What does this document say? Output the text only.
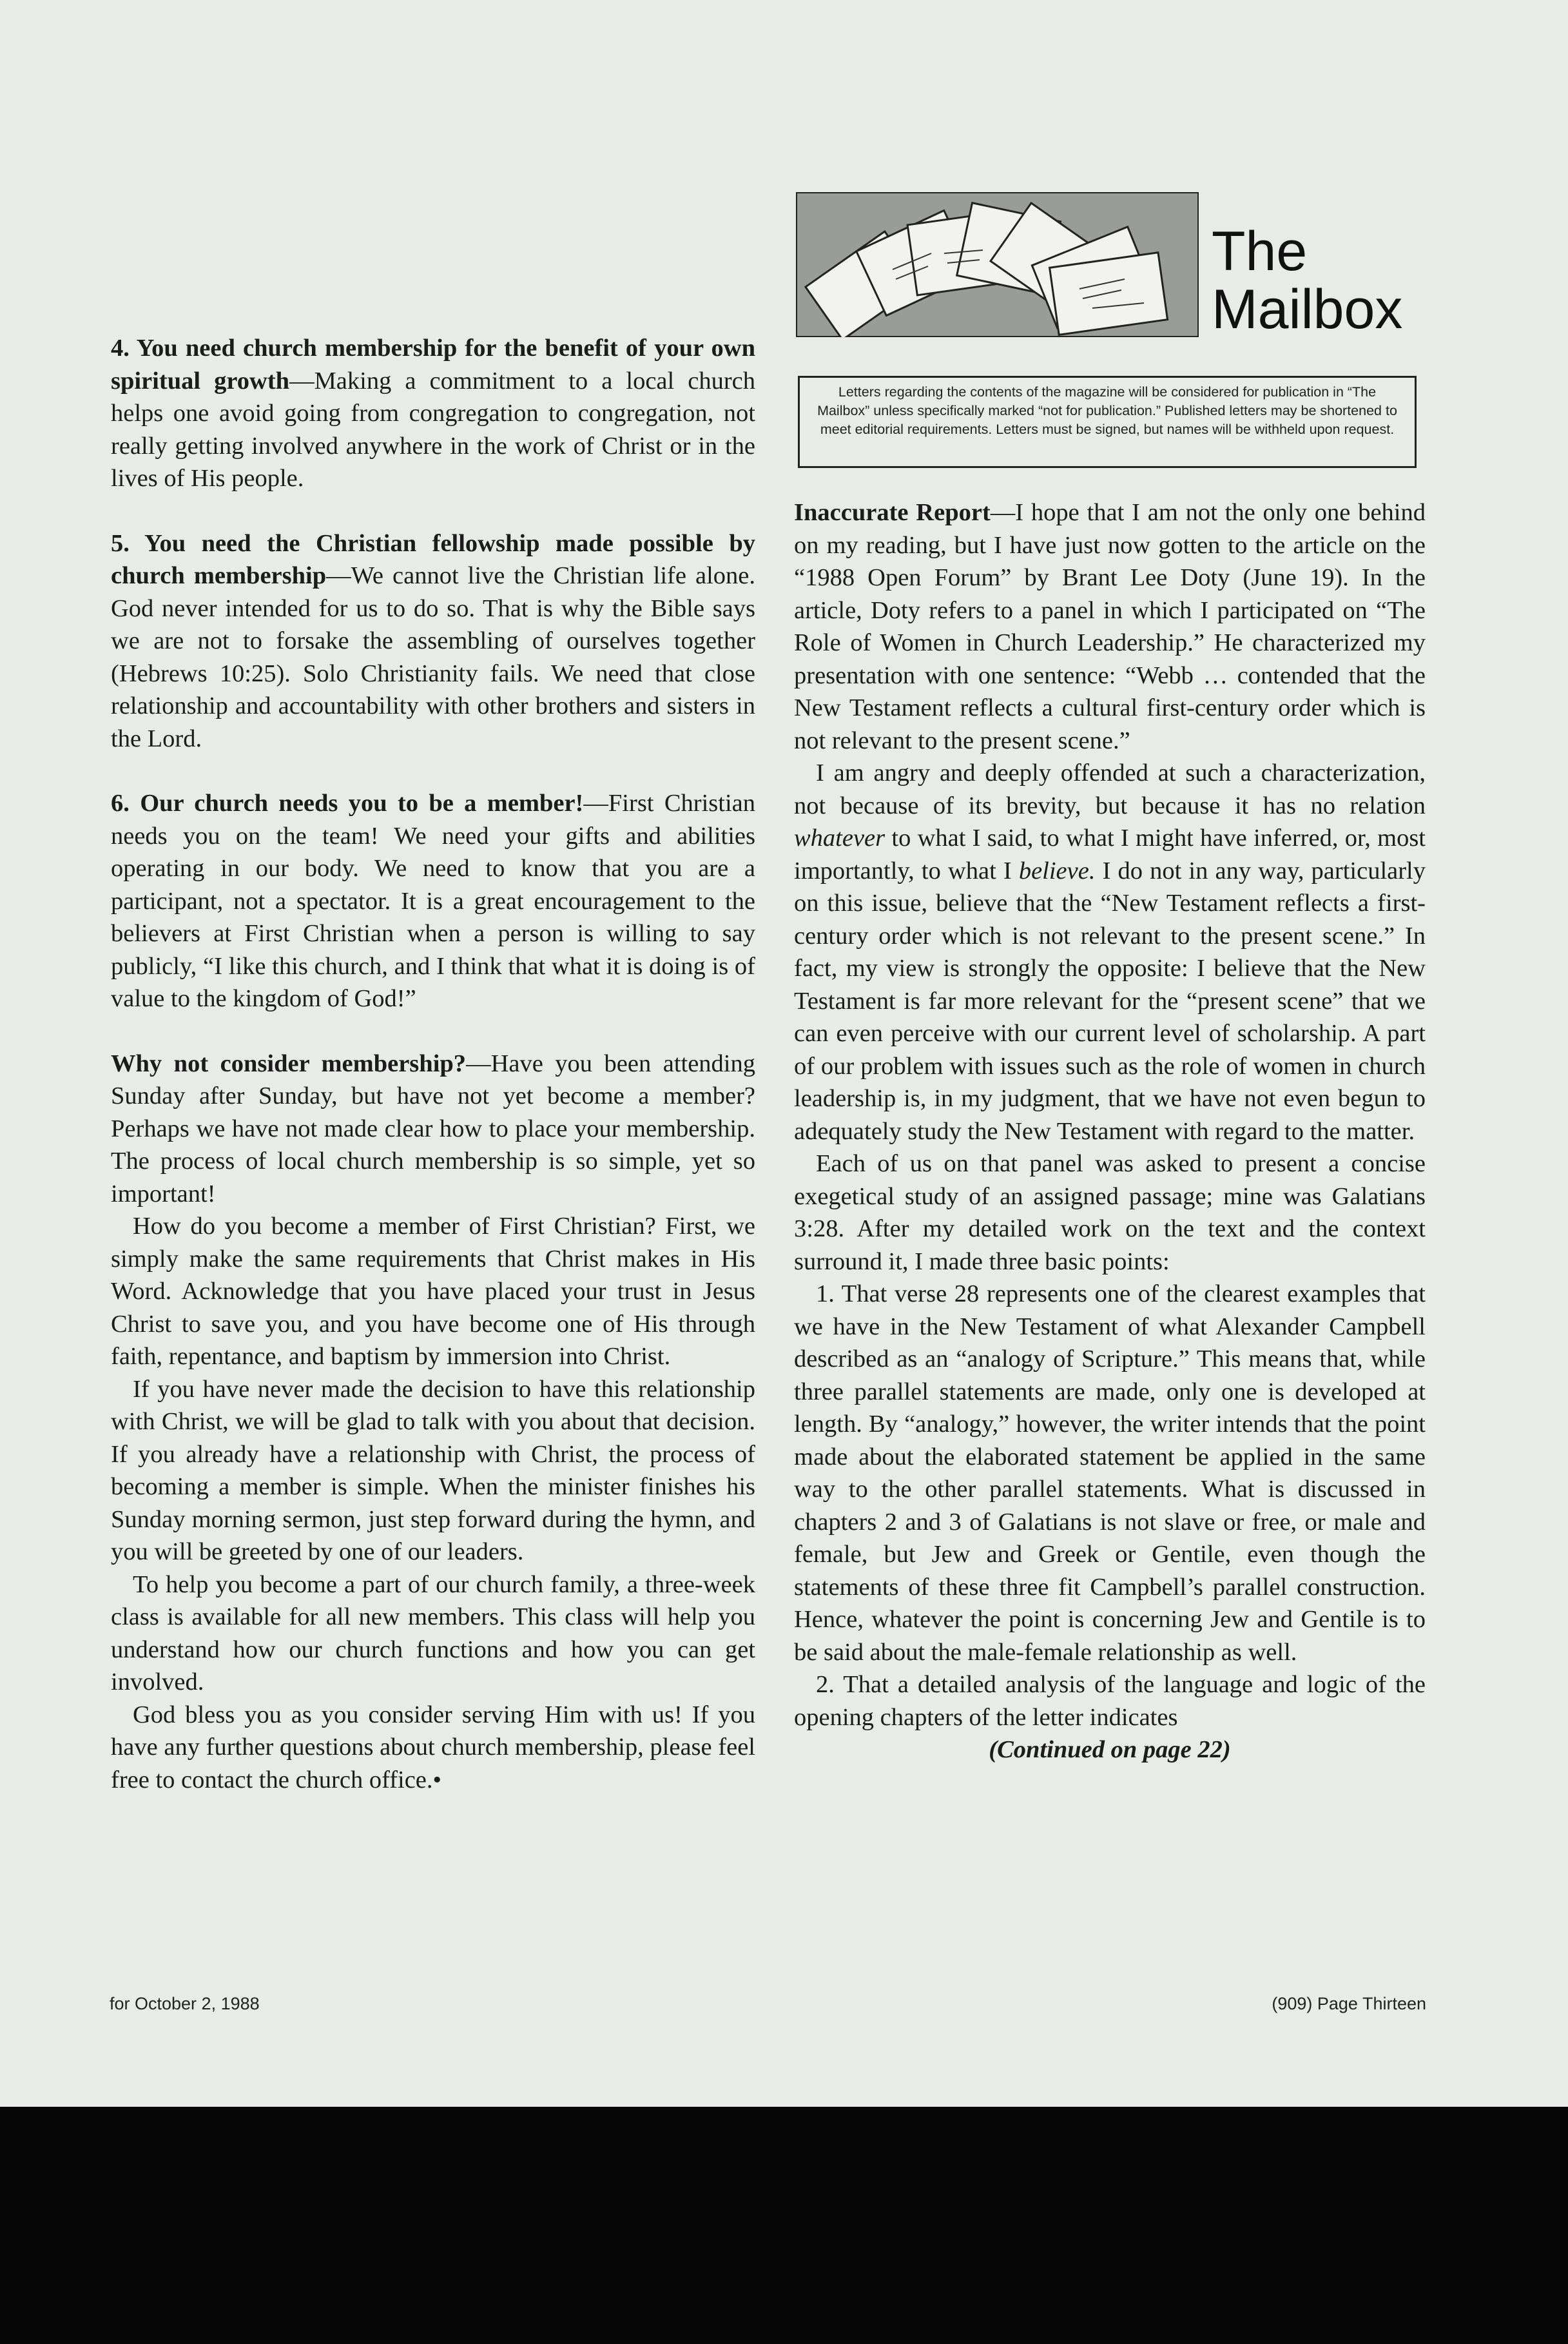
The
Mailbox
Letters regarding the contents of the magazine will be considered for publication in “The Mailbox” unless specifically marked “not for publication.” Published letters may be shortened to meet editorial requirements. Letters must be signed, but names will be withheld upon request.

4. You need church membership for the benefit of your own spiritual growth—Making a commitment to a local church helps one avoid going from congregation to congregation, not really getting involved anywhere in the work of Christ or in the lives of His people.

5. You need the Christian fellowship made possible by church membership—We cannot live the Christian life alone. God never intended for us to do so. That is why the Bible says we are not to forsake the assembling of ourselves together (Hebrews 10:25). Solo Christianity fails. We need that close relationship and accountability with other brothers and sisters in the Lord.

6. Our church needs you to be a member!—First Christian needs you on the team! We need your gifts and abilities operating in our body. We need to know that you are a participant, not a spectator. It is a great encouragement to the believers at First Christian when a person is willing to say publicly, “I like this church, and I think that what it is doing is of value to the kingdom of God!”

Why not consider membership?—Have you been attending Sunday after Sunday, but have not yet become a member? Perhaps we have not made clear how to place your membership. The process of local church membership is so simple, yet so important!

How do you become a member of First Christian? First, we simply make the same requirements that Christ makes in His Word. Acknowledge that you have placed your trust in Jesus Christ to save you, and you have become one of His through faith, repentance, and baptism by immersion into Christ.

If you have never made the decision to have this relationship with Christ, we will be glad to talk with you about that decision. If you already have a relationship with Christ, the process of becoming a member is simple. When the minister finishes his Sunday morning sermon, just step forward during the hymn, and you will be greeted by one of our leaders.

To help you become a part of our church family, a three-week class is available for all new members. This class will help you understand how our church functions and how you can get involved.

God bless you as you consider serving Him with us! If you have any further questions about church membership, please feel free to contact the church office.•

Inaccurate Report—I hope that I am not the only one behind on my reading, but I have just now gotten to the article on the “1988 Open Forum” by Brant Lee Doty (June 19). In the article, Doty refers to a panel in which I participated on “The Role of Women in Church Leadership.” He characterized my presentation with one sentence: “Webb … contended that the New Testament reflects a cultural first-century order which is not relevant to the present scene.”

I am angry and deeply offended at such a characterization, not because of its brevity, but because it has no relation whatever to what I said, to what I might have inferred, or, most importantly, to what I believe. I do not in any way, particularly on this issue, believe that the “New Testament reflects a first-century order which is not relevant to the present scene.” In fact, my view is strongly the opposite: I believe that the New Testament is far more relevant for the “present scene” that we can even perceive with our current level of scholarship. A part of our problem with issues such as the role of women in church leadership is, in my judgment, that we have not even begun to adequately study the New Testament with regard to the matter.

Each of us on that panel was asked to present a concise exegetical study of an assigned passage; mine was Galatians 3:28. After my detailed work on the text and the context surround it, I made three basic points:

1. That verse 28 represents one of the clearest examples that we have in the New Testament of what Alexander Campbell described as an “analogy of Scripture.” This means that, while three parallel statements are made, only one is developed at length. By “analogy,” however, the writer intends that the point made about the elaborated statement be applied in the same way to the other parallel statements. What is discussed in chapters 2 and 3 of Galatians is not slave or free, or male and female, but Jew and Greek or Gentile, even though the statements of these three fit Campbell’s parallel construction. Hence, whatever the point is concerning Jew and Gentile is to be said about the male-female relationship as well.

2. That a detailed analysis of the language and logic of the opening chapters of the letter indicates

(Continued on page 22)

for October 2, 1988	(909) Page Thirteen
